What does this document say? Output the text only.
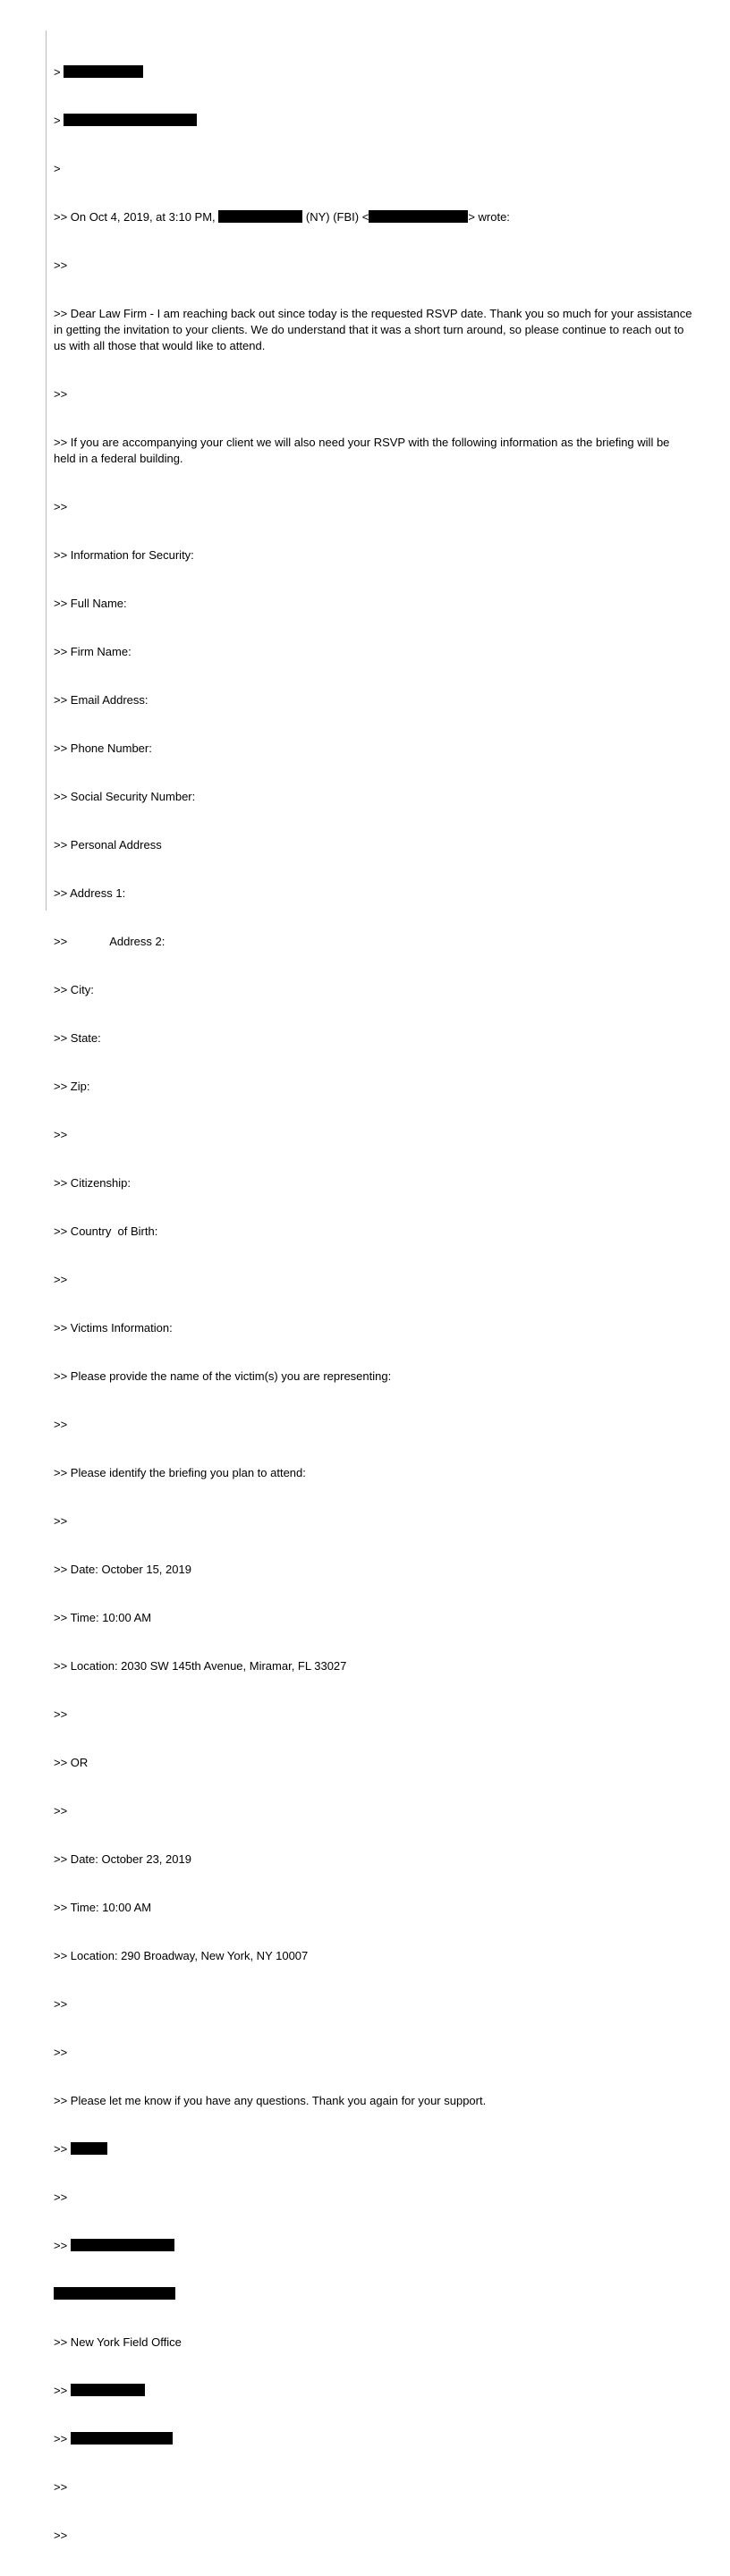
>

>

>

>> On Oct 4, 2019, at 3:10 PM,	(NY) (FBI) <	> wrote:

>>

>> Dear Law Firm - I am reaching back out since today is the requested RSVP date. Thank you so much for your assistance in getting the invitation to your clients. We do understand that it was a short turn around, so please continue to reach out to us with all those that would like to attend.

>>

>> If you are accompanying your client we will also need your RSVP with the following information as the briefing will be held in a federal building.

>>

>> Information for Security:

>> Full Name:

>> Firm Name:

>> Email Address:

>> Phone Number:

>> Social Security Number:

>> Personal Address

>> Address 1:

>>	Address 2:

>> City:

>> State:

>> Zip:

>>

>> Citizenship:

>> Country  of Birth:

>>

>> Victims Information:

>> Please provide the name of the victim(s) you are representing:

>>

>> Please identify the briefing you plan to attend:

>>

>> Date: October 15, 2019

>> Time: 10:00 AM

>> Location: 2030 SW 145th Avenue, Miramar, FL 33027

>>

>> OR

>>

>> Date: October 23, 2019

>> Time: 10:00 AM

>> Location: 290 Broadway, New York, NY 10007

>>

>>

>> Please let me know if you have any questions. Thank you again for your support.

>>

>>

>>

>> New York Field Office

>>

>>

>>

>>
